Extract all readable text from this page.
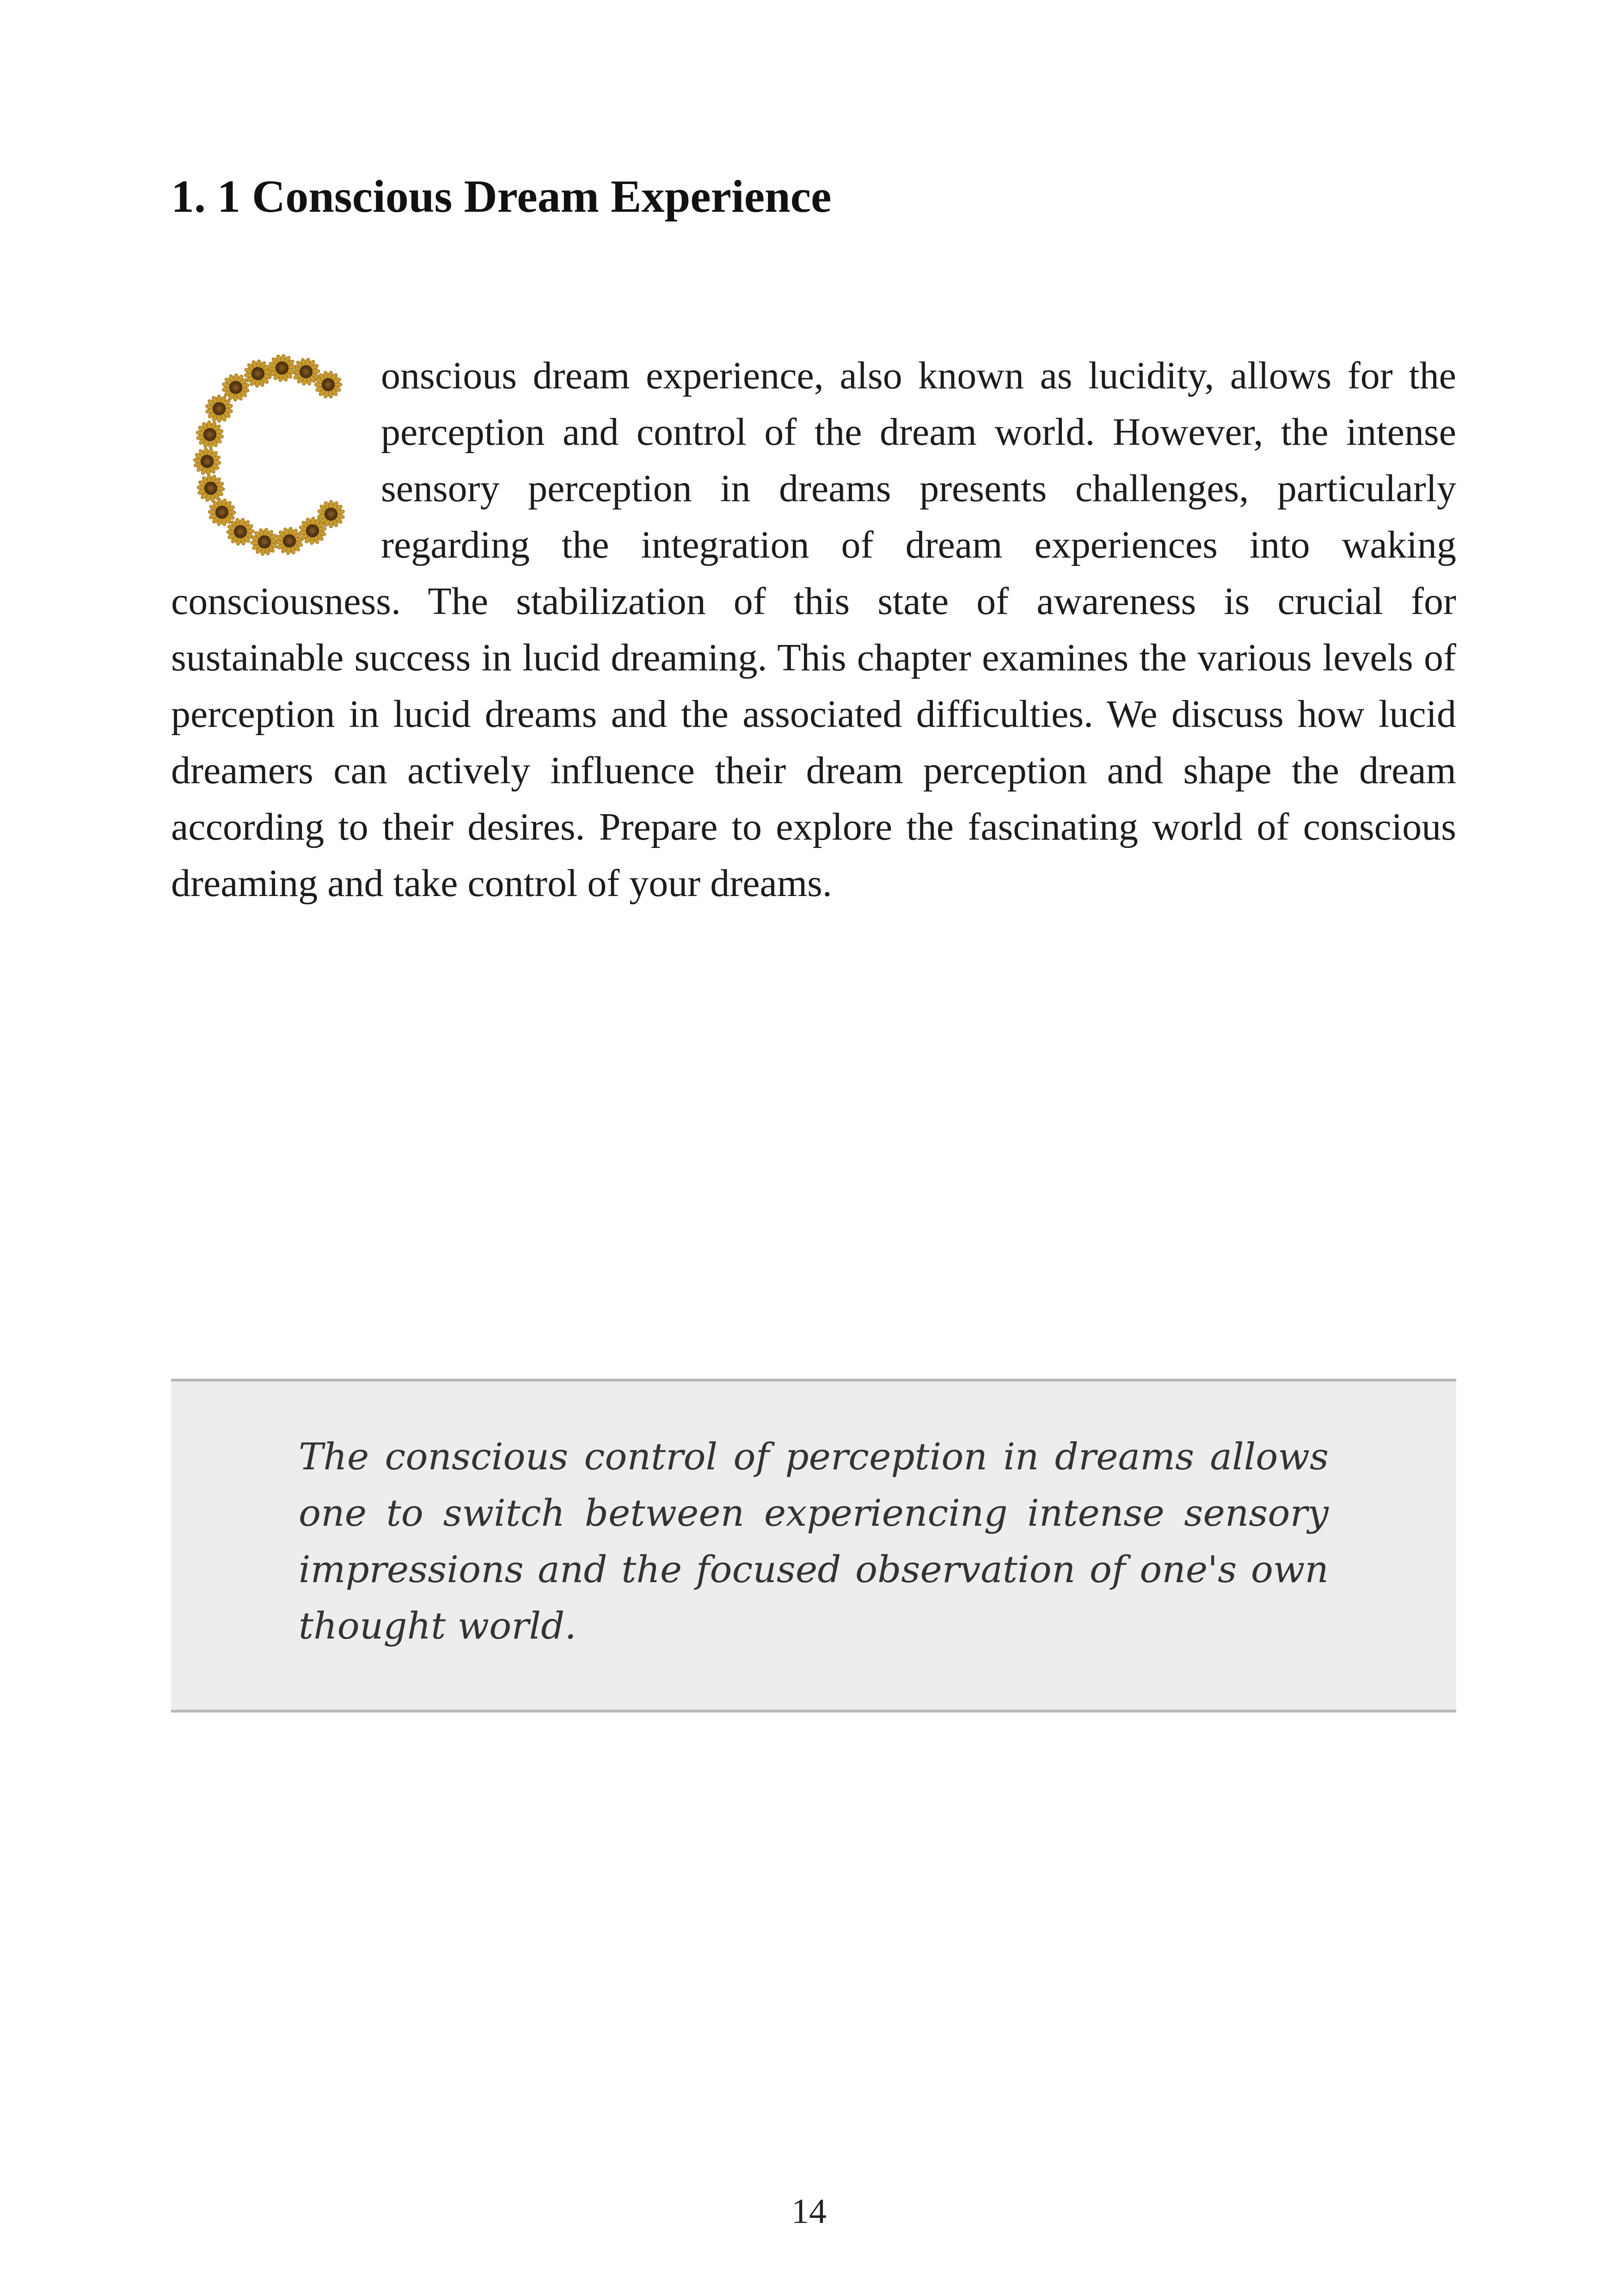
1. 1 Conscious Dream Experience

onscious dream experience, also known as lucidity, allows for the perception and control of the dream world. However, the intense sensory perception in dreams presents challenges, particularly regarding the integration of dream experiences into waking consciousness. The stabilization of this state of awareness is crucial for sustainable success in lucid dreaming. This chapter examines the various levels of perception in lucid dreams and the associated difficulties. We discuss how lucid dreamers can actively influence their dream perception and shape the dream according to their desires. Prepare to explore the fascinating world of conscious dreaming and take control of your dreams.

The conscious control of perception in dreams allows one to switch between experiencing intense sensory impressions and the focused observation of one's own thought world.

14
